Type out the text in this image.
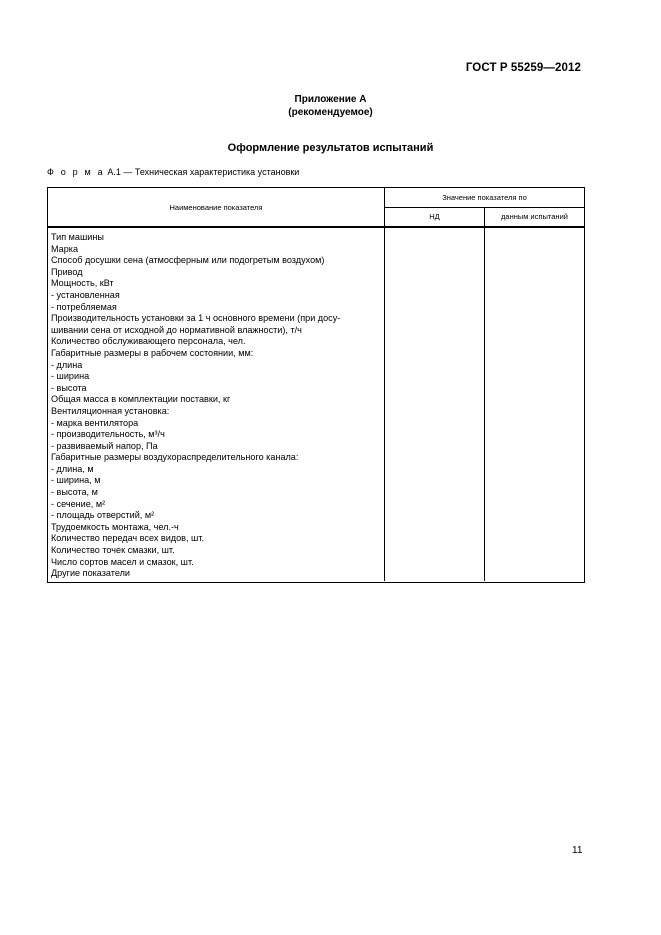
ГОСТ Р 55259—2012
Приложение А
(рекомендуемое)
Оформление результатов испытаний
Ф о р м а А.1 — Техническая характеристика установки
Наименование показателя
Значение показателя по
НД	данным испытаний
Тип машины
Марка
Способ досушки сена (атмосферным или подогретым воздухом)
Привод
Мощность, кВт
- установленная
- потребляемая
Производительность установки за 1 ч основного времени (при досу-
шивании сена от исходной до нормативной влажности), т/ч
Количество обслуживающего персонала, чел.
Габаритные размеры в рабочем состоянии, мм:
- длина
- ширина
- высота
Общая масса в комплектации поставки, кг
Вентиляционная установка:
- марка вентилятора
- производительность, м³/ч
- развиваемый напор, Па
Габаритные размеры воздухораспределительного канала:
- длина, м
- ширина, м
- высота, м
- сечение, м²
- площадь отверстий, м²
Трудоемкость монтажа, чел.-ч
Количество передач всех видов, шт.
Количество точек смазки, шт.
Число сортов масел и смазок, шт.
Другие показатели
11
